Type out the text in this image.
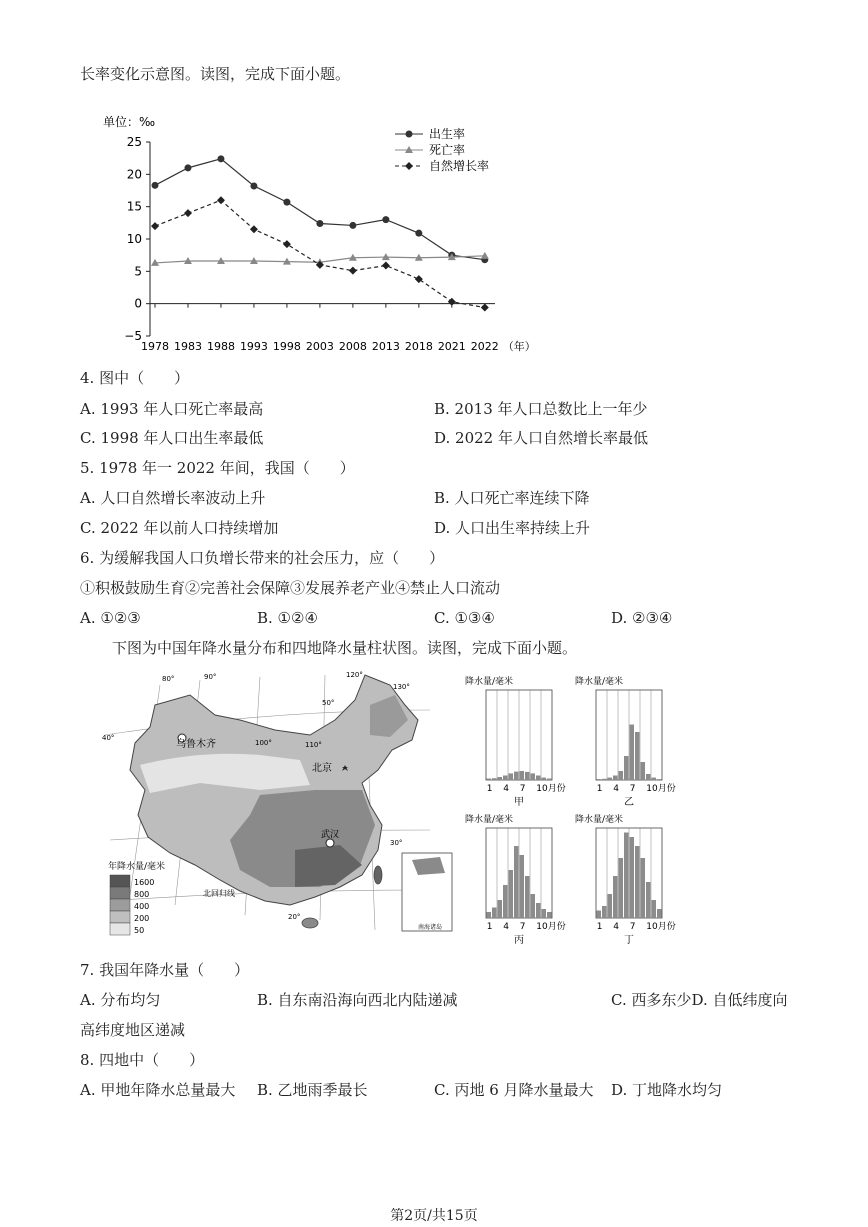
长率变化示意图。读图，完成下面小题。
单位：‰
25
20
15
10
5
0
−5
1978 1983 1988 1993 1998 2003 2008 2013 2018 2021 2022 （年）
出生率
死亡率
自然增长率
4. 图中（　　）
A. 1993 年人口死亡率最高	B. 2013 年人口总数比上一年少
C. 1998 年人口出生率最低	D. 2022 年人口自然增长率最低
5. 1978 年一 2022 年间，我国（　　）
A. 人口自然增长率波动上升	B. 人口死亡率连续下降
C. 2022 年以前人口持续增加	D. 人口出生率持续上升
6. 为缓解我国人口负增长带来的社会压力，应（　　）
①积极鼓励生育②完善社会保障③发展养老产业④禁止人口流动
A. ①②③	B. ①②④	C. ①③④	D. ②③④
下图为中国年降水量分布和四地降水量柱状图。读图，完成下面小题。
乌鲁木齐
北京
武汉
北回归线
80°	90°
100°	110°
120°
130°
50°
40°
30°
20°
年降水量/毫米
1600
800
400
200
50	南海诸岛
降水量/毫米
1 4 7 10月份
甲
降水量/毫米
1 4 7 10月份
乙
降水量/毫米
1 4 7 10月份
丙
降水量/毫米
1 4 7 10月份
丁
7. 我国年降水量（　　）
A. 分布均匀	B. 自东南沿海向西北内陆递减	C. 西多东少D. 自低纬度向
高纬度地区递减
8. 四地中（　　）
A. 甲地年降水总量最大 B. 乙地雨季最长	C. 丙地 6 月降水量最大 D. 丁地降水均匀
第2页/共15页
